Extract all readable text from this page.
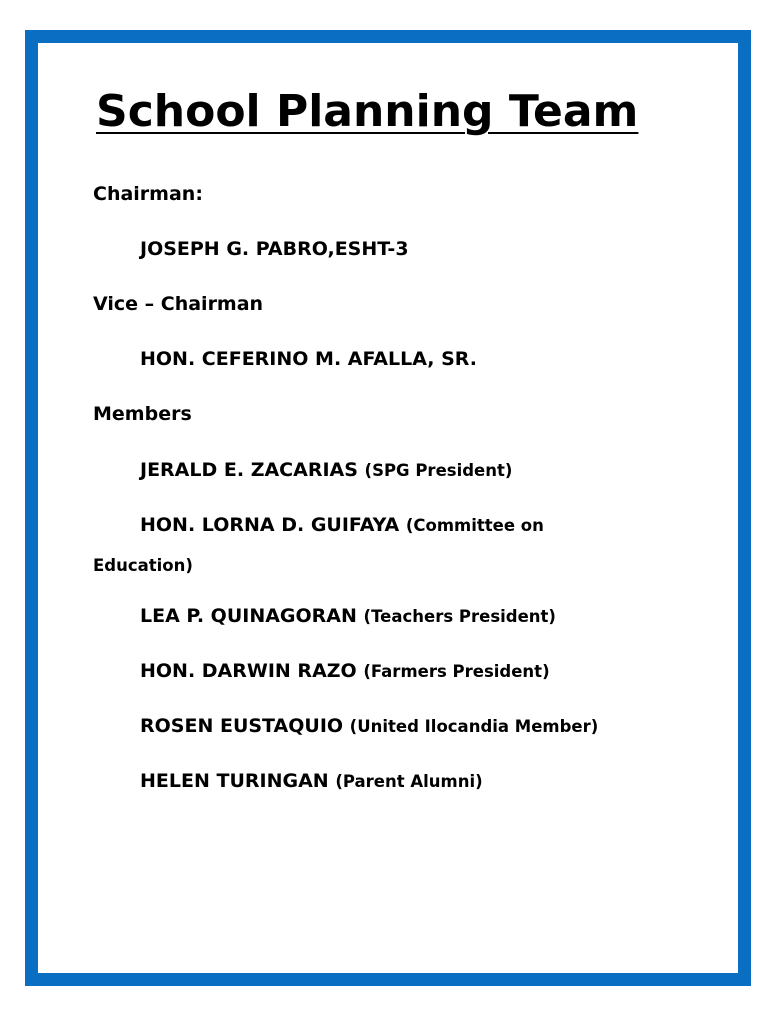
School Planning Team
Chairman:
JOSEPH G. PABRO,ESHT-3
Vice – Chairman
HON. CEFERINO M. AFALLA, SR.
Members
JERALD E. ZACARIAS (SPG President)
HON. LORNA D. GUIFAYA (Committee on
Education)
LEA P. QUINAGORAN (Teachers President)
HON. DARWIN RAZO (Farmers President)
ROSEN EUSTAQUIO (United Ilocandia Member)
HELEN TURINGAN (Parent Alumni)
